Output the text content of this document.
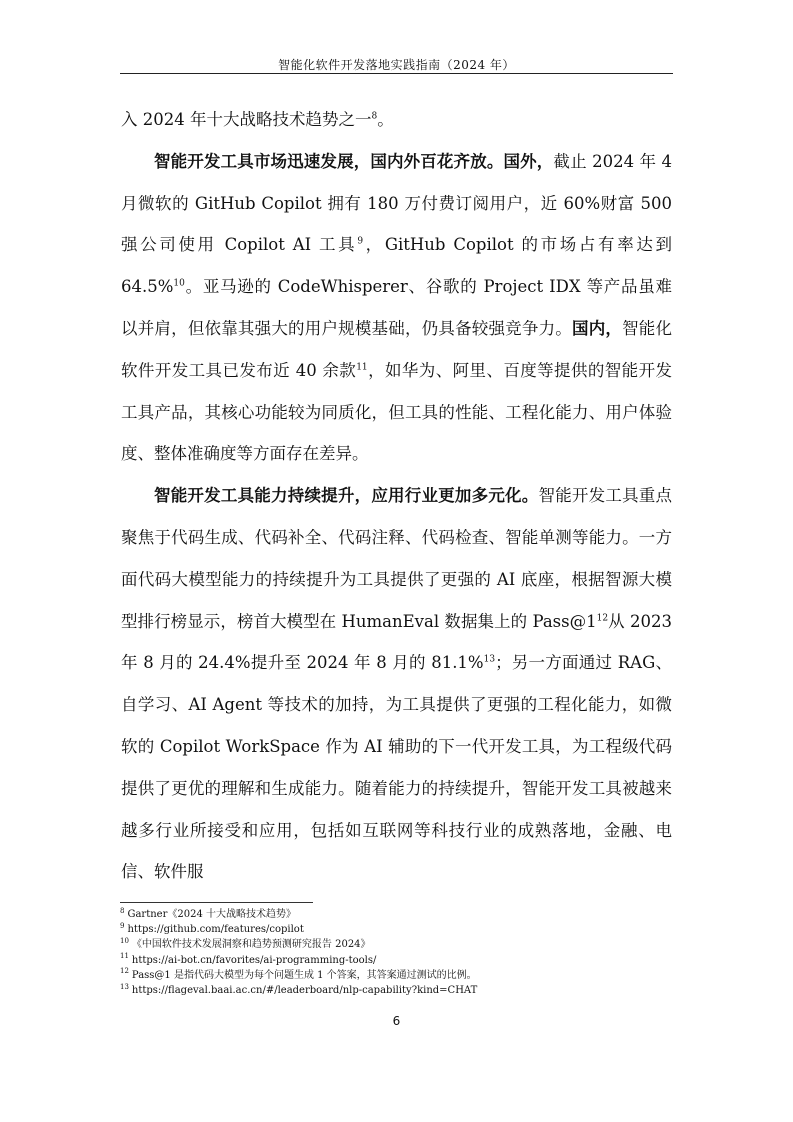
智能化软件开发落地实践指南（2024 年）

入 2024 年十大战略技术趋势之一$^8$。

智能开发工具市场迅速发展，国内外百花齐放。国外，截止 2024 年 4 月微软的 GitHub Copilot 拥有 180 万付费订阅用户，近 60%财富 500 强公司使用 Copilot AI 工具$^9$，GitHub Copilot 的市场占有率达到 64.5%$^{10}$。亚马逊的 CodeWhisperer、谷歌的 Project IDX 等产品虽难以并肩，但依靠其强大的用户规模基础，仍具备较强竞争力。国内，智能化软件开发工具已发布近 40 余款$^{11}$，如华为、阿里、百度等提供的智能开发工具产品，其核心功能较为同质化，但工具的性能、工程化能力、用户体验度、整体准确度等方面存在差异。

智能开发工具能力持续提升，应用行业更加多元化。智能开发工具重点聚焦于代码生成、代码补全、代码注释、代码检查、智能单测等能力。一方面代码大模型能力的持续提升为工具提供了更强的 AI 底座，根据智源大模型排行榜显示，榜首大模型在 HumanEval 数据集上的 $Pass@1^{12}$从 2023 年 8 月的 24.4%提升至 2024 年 8 月的 81.1%$^{13}$；另一方面通过 RAG、自学习、AI Agent 等技术的加持，为工具提供了更强的工程化能力，如微软的 Copilot WorkSpace 作为 AI 辅助的下一代开发工具，为工程级代码提供了更优的理解和生成能力。随着能力的持续提升，智能开发工具被越来越多行业所接受和应用，包括如互联网等科技行业的成熟落地，金融、电信、软件服

$^8$ Gartner《2024 十大战略技术趋势》
$^9$ https://github.com/features/copilot
$^{10}$ 《中国软件技术发展洞察和趋势预测研究报告 2024》
$^{11}$ https://ai-bot.cn/favorites/ai-programming-tools/
$^{12}$ Pass@1 是指代码大模型为每个问题生成 1 个答案，其答案通过测试的比例。
$^{13}$ https://flageval.baai.ac.cn/#/leaderboard/nlp-capability?kind=CHAT
6
